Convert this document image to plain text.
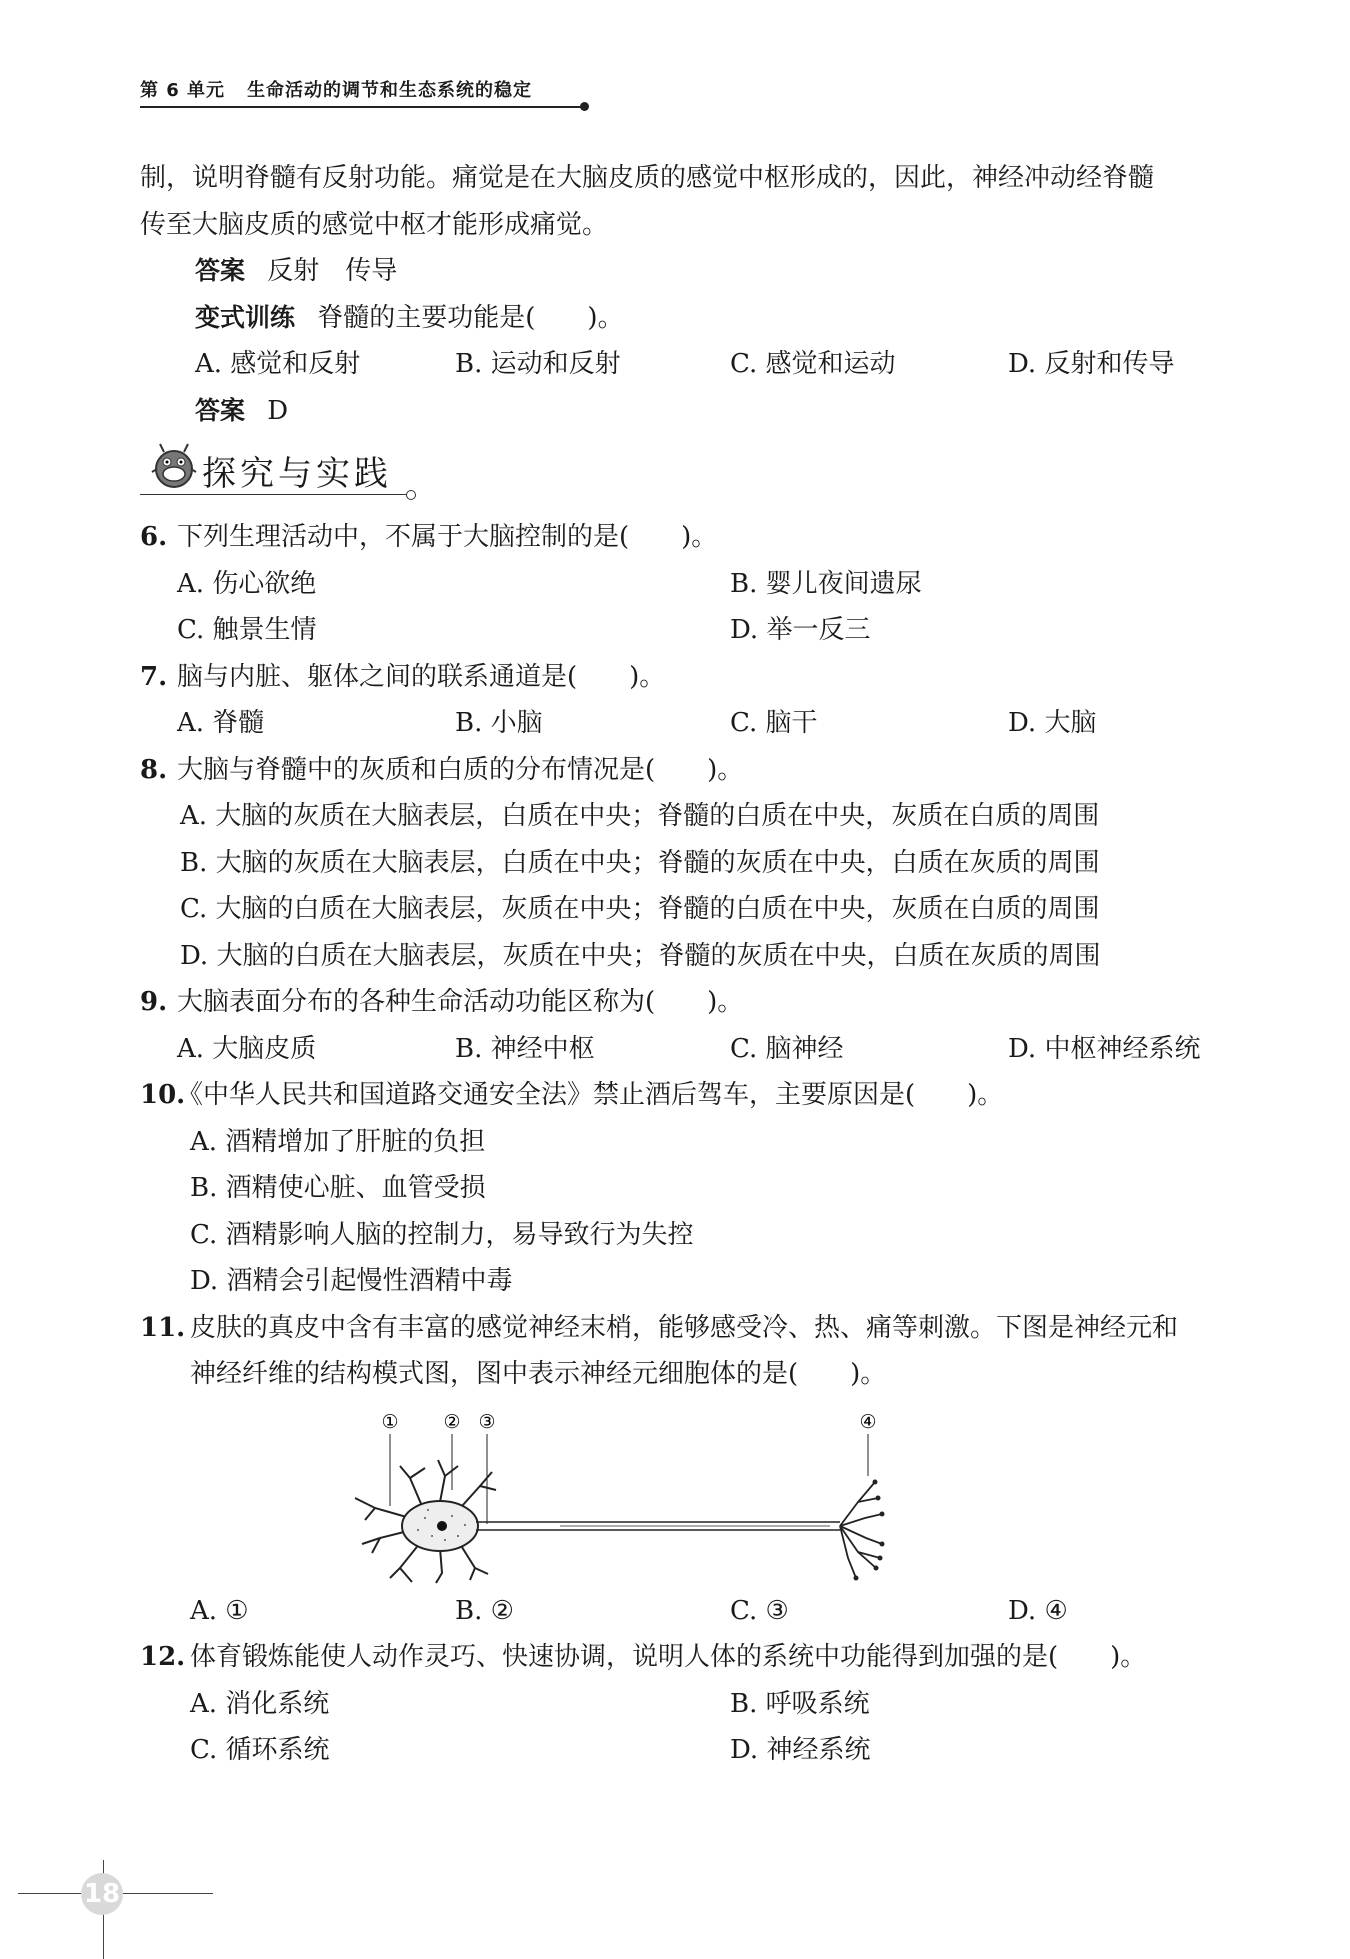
第 6 单元 生命活动的调节和生态系统的稳定
制，说明脊髓有反射功能。痛觉是在大脑皮质的感觉中枢形成的，因此，神经冲动经脊髓
传至大脑皮质的感觉中枢才能形成痛觉。
答案 反射　传导
变式训练 脊髓的主要功能是(　　)。
A. 感觉和反射	B. 运动和反射	C. 感觉和运动	D. 反射和传导
答案 D
探究与实践
6. 下列生理活动中，不属于大脑控制的是(　　)。
A. 伤心欲绝	B. 婴儿夜间遗尿
C. 触景生情	D. 举一反三
7. 脑与内脏、躯体之间的联系通道是(　　)。
A. 脊髓	B. 小脑	C. 脑干	D. 大脑
8. 大脑与脊髓中的灰质和白质的分布情况是(　　)。
A. 大脑的灰质在大脑表层，白质在中央；脊髓的白质在中央，灰质在白质的周围
B. 大脑的灰质在大脑表层，白质在中央；脊髓的灰质在中央，白质在灰质的周围
C. 大脑的白质在大脑表层，灰质在中央；脊髓的白质在中央，灰质在白质的周围
D. 大脑的白质在大脑表层，灰质在中央；脊髓的灰质在中央，白质在灰质的周围
9. 大脑表面分布的各种生命活动功能区称为(　　)。
A. 大脑皮质	B. 神经中枢	C. 脑神经	D. 中枢神经系统
10.《中华人民共和国道路交通安全法》禁止酒后驾车，主要原因是(　　)。
A. 酒精增加了肝脏的负担
B. 酒精使心脏、血管受损
C. 酒精影响人脑的控制力，易导致行为失控
D. 酒精会引起慢性酒精中毒
11. 皮肤的真皮中含有丰富的感觉神经末梢，能够感受冷、热、痛等刺激。下图是神经元和
神经纤维的结构模式图，图中表示神经元细胞体的是(　　)。
① ② ③	④
A. ①	B. ②	C. ③	D. ④
12. 体育锻炼能使人动作灵巧、快速协调，说明人体的系统中功能得到加强的是(　　)。
A. 消化系统	B. 呼吸系统
C. 循环系统	D. 神经系统
18
